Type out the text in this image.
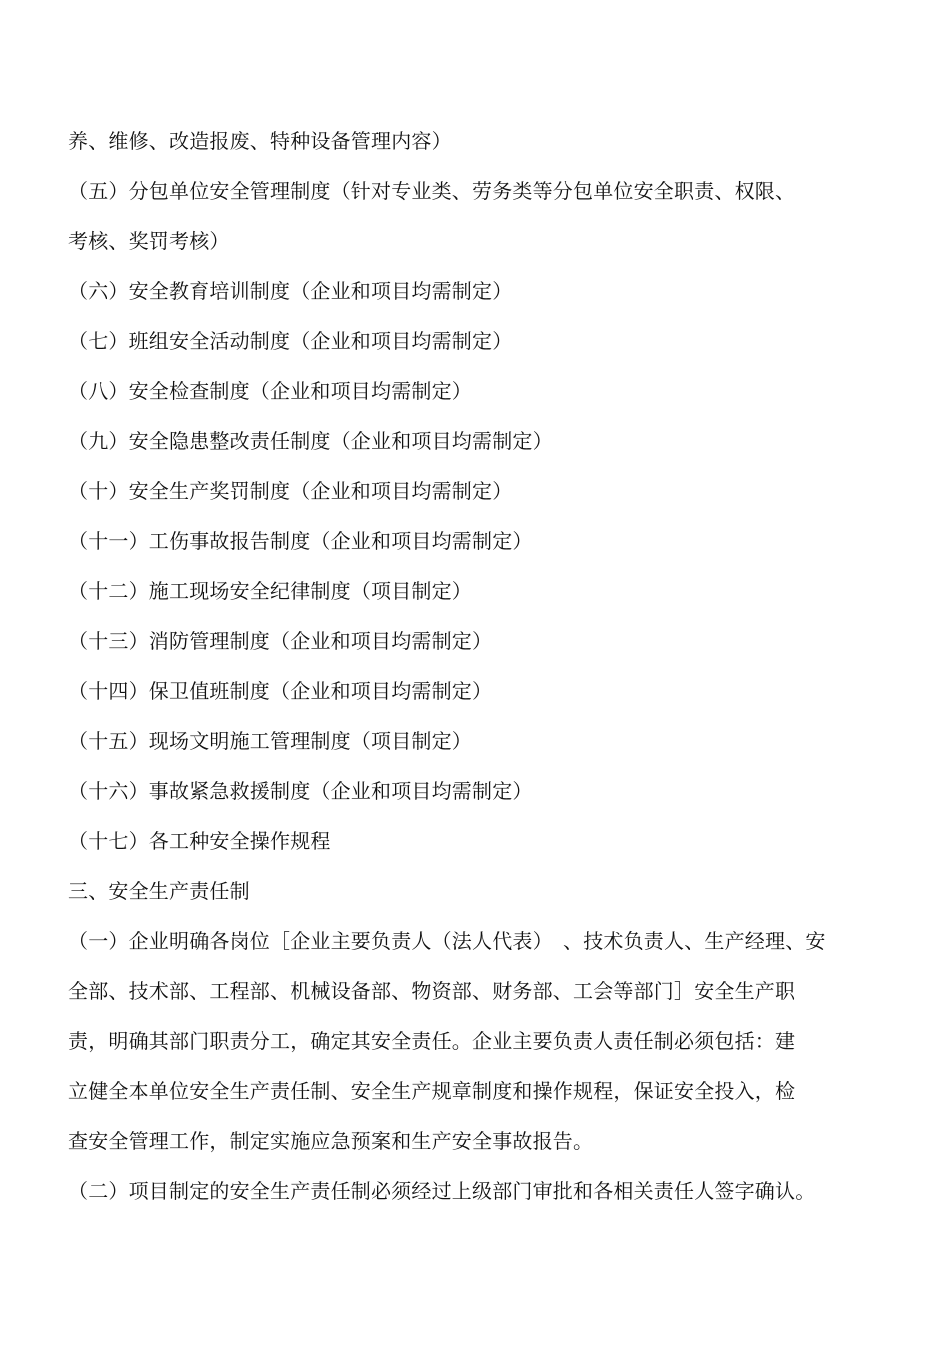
养、维修、改造报废、特种设备管理内容）
（五）分包单位安全管理制度（针对专业类、劳务类等分包单位安全职责、权限、
考核、奖罚考核）
（六）安全教育培训制度（企业和项目均需制定）
（七）班组安全活动制度（企业和项目均需制定）
（八）安全检查制度（企业和项目均需制定）
（九）安全隐患整改责任制度（企业和项目均需制定）
（十）安全生产奖罚制度（企业和项目均需制定）
（十一）工伤事故报告制度（企业和项目均需制定）
（十二）施工现场安全纪律制度（项目制定）
（十三）消防管理制度（企业和项目均需制定）
（十四）保卫值班制度（企业和项目均需制定）
（十五）现场文明施工管理制度（项目制定）
（十六）事故紧急救援制度（企业和项目均需制定）
（十七）各工种安全操作规程
三、安全生产责任制
（一）企业明确各岗位［企业主要负责人（法人代表）　、技术负责人、生产经理、安
全部、技术部、工程部、机械设备部、物资部、财务部、工会等部门］安全生产职
责，明确其部门职责分工，确定其安全责任。企业主要负责人责任制必须包括：建
立健全本单位安全生产责任制、安全生产规章制度和操作规程，保证安全投入，检
查安全管理工作，制定实施应急预案和生产安全事故报告。
（二）项目制定的安全生产责任制必须经过上级部门审批和各相关责任人签字确认。
